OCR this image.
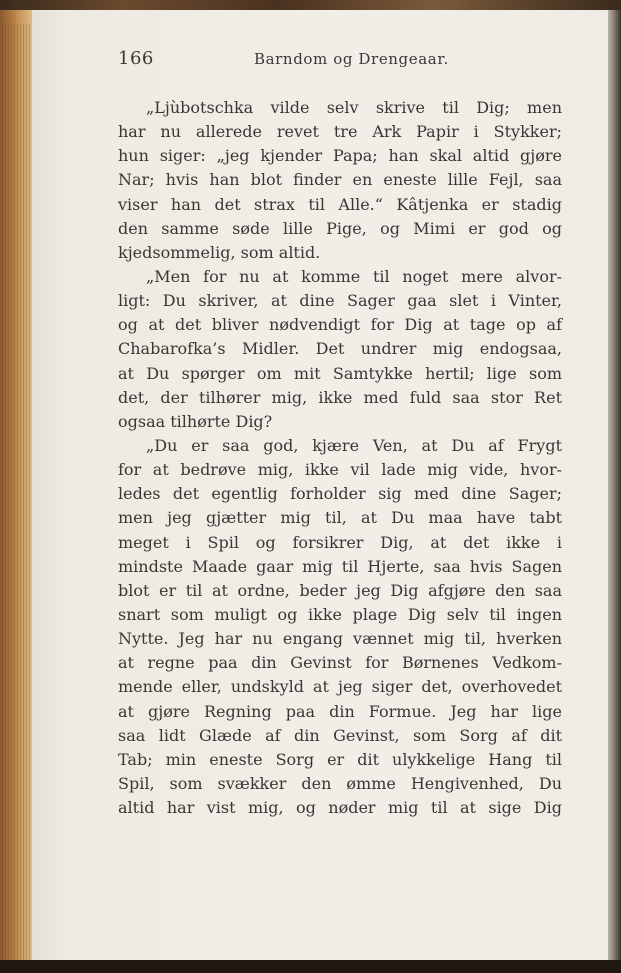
166	Barndom og Drengeaar.
„Ljùbotschka vilde selv skrive til Dig; men
har nu allerede revet tre Ark Papir i Stykker;
hun siger: „jeg kjender Papa; han skal altid gjøre
Nar; hvis han blot finder en eneste lille Fejl, saa
viser han det strax til Alle.“ Kâtjenka er stadig
den samme søde lille Pige, og Mimi er god og
kjedsommelig, som altid.
„Men for nu at komme til noget mere alvor-
ligt: Du skriver, at dine Sager gaa slet i Vinter,
og at det bliver nødvendigt for Dig at tage op af
Chabarofka’s Midler. Det undrer mig endogsaa,
at Du spørger om mit Samtykke hertil; lige som
det, der tilhører mig, ikke med fuld saa stor Ret
ogsaa tilhørte Dig?
„Du er saa god, kjære Ven, at Du af Frygt
for at bedrøve mig, ikke vil lade mig vide, hvor-
ledes det egentlig forholder sig med dine Sager;
men jeg gjætter mig til, at Du maa have tabt
meget i Spil og forsikrer Dig, at det ikke i
mindste Maade gaar mig til Hjerte, saa hvis Sagen
blot er til at ordne, beder jeg Dig afgjøre den saa
snart som muligt og ikke plage Dig selv til ingen
Nytte. Jeg har nu engang vænnet mig til, hverken
at regne paa din Gevinst for Børnenes Vedkom-
mende eller, undskyld at jeg siger det, overhovedet
at gjøre Regning paa din Formue. Jeg har lige
saa lidt Glæde af din Gevinst, som Sorg af dit
Tab; min eneste Sorg er dit ulykkelige Hang til
Spil, som svækker den ømme Hengivenhed, Du
altid har vist mig, og nøder mig til at sige Dig
